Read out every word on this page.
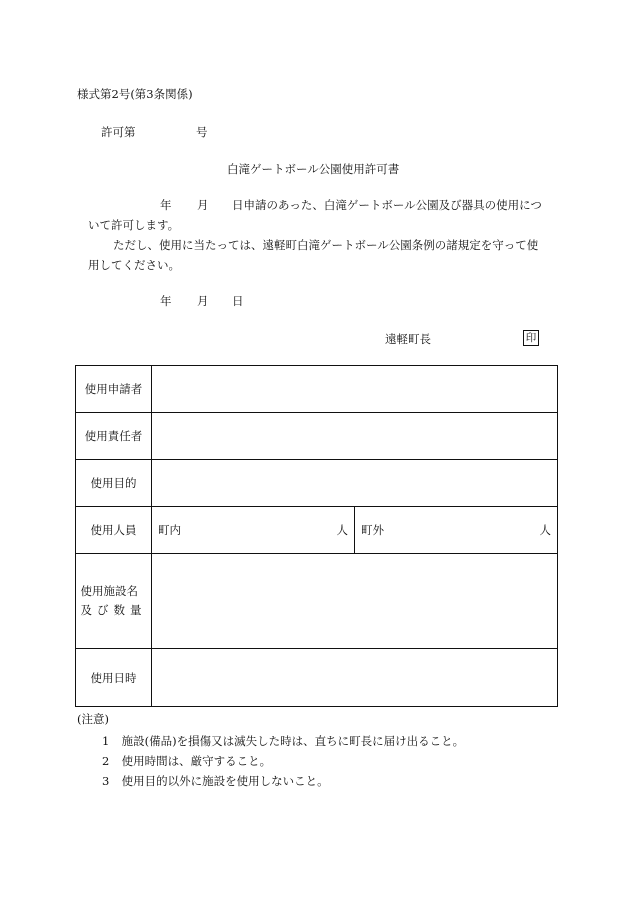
様式第2号(第3条関係)
許可第	号
白滝ゲートボール公園使用許可書
年 月 日申請のあった、白滝ゲートボール公園及び器具の使用につ
いて許可します。
ただし、使用に当たっては、遠軽町白滝ゲートボール公園条例の諸規定を守って使
用してください。
年 月 日
遠軽町長	印
使用申請者		
使用責任者		
使用目的		
使用人員	町内 人	町外 人

使用施設名
及び数量		
使用日時		
(注意)
1 施設(備品)を損傷又は滅失した時は、直ちに町長に届け出ること。
2 使用時間は、厳守すること。
3 使用目的以外に施設を使用しないこと。
